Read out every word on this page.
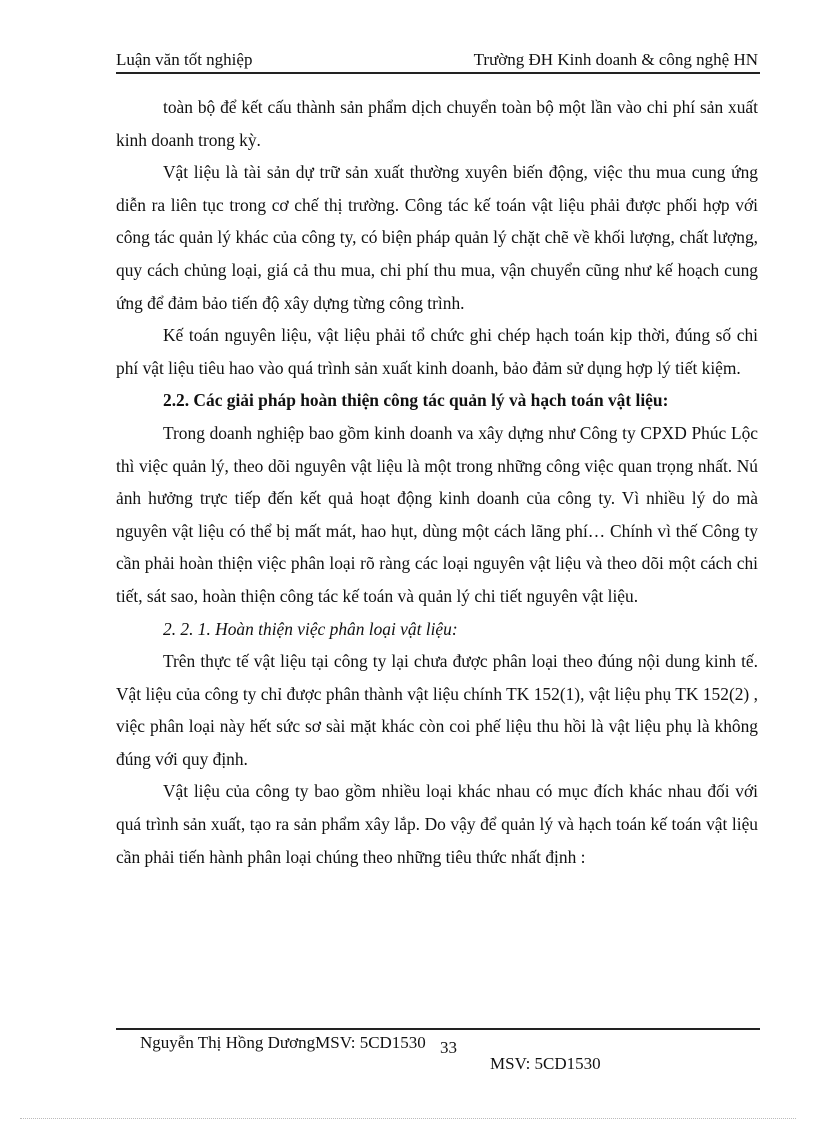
Luận văn tốt nghiệp	Trường ĐH Kinh doanh & công nghệ HN

toàn bộ để kết cấu thành sản phẩm dịch chuyển toàn bộ một lần vào chi phí sản xuất kinh doanh trong kỳ.

Vật liệu là tài sản dự trữ sản xuất thường xuyên biến động, việc thu mua cung ứng diễn ra liên tục trong cơ chế thị trường. Công tác kế toán vật liệu phải được phối hợp với công tác quản lý khác của công ty, có biện pháp quản lý chặt chẽ về khối lượng, chất lượng, quy cách chủng loại, giá cả thu mua, chi phí thu mua, vận chuyển cũng như kế hoạch cung ứng để đảm bảo tiến độ xây dựng từng công trình.

Kế toán nguyên liệu, vật liệu phải tổ chức ghi chép hạch toán kịp thời, đúng số chi phí vật liệu tiêu hao vào quá trình sản xuất kinh doanh, bảo đảm sử dụng hợp lý tiết kiệm.

2.2. Các giải pháp hoàn thiện công tác quản lý và hạch toán vật liệu:

Trong doanh nghiệp bao gồm kinh doanh va xây dựng như Công ty CPXD Phúc Lộc thì việc quản lý, theo dõi nguyên vật liệu là một trong những công việc quan trọng nhất. Nú ảnh hưởng trực tiếp đến kết quả hoạt động kinh doanh của công ty. Vì nhiều lý do mà nguyên vật liệu có thể bị mất mát, hao hụt, dùng một cách lãng phí… Chính vì thế Công ty cần phải hoàn thiện việc phân loại rõ ràng các loại nguyên vật liệu và theo dõi một cách chi tiết, sát sao, hoàn thiện công tác kế toán và quản lý chi tiết nguyên vật liệu.

2. 2. 1. Hoàn thiện việc phân loại vật liệu:

Trên thực tế vật liệu tại công ty lại chưa được phân loại theo đúng nội dung kinh tế. Vật liệu của công ty chỉ được phân thành vật liệu chính TK 152(1), vật liệu phụ TK 152(2) , việc phân loại này hết sức sơ sài mặt khác còn coi phế liệu thu hồi là vật liệu phụ là không đúng với quy định.

Vật liệu của công ty bao gồm nhiều loại khác nhau có mục đích khác nhau đối với quá trình sản xuất, tạo ra sản phẩm xây lắp. Do vậy để quản lý và hạch toán kế toán vật liệu cần phải tiến hành phân loại chúng theo những tiêu thức nhất định :

Nguyễn Thị Hồng DươngMSV: 5CD1530 33
MSV: 5CD1530
